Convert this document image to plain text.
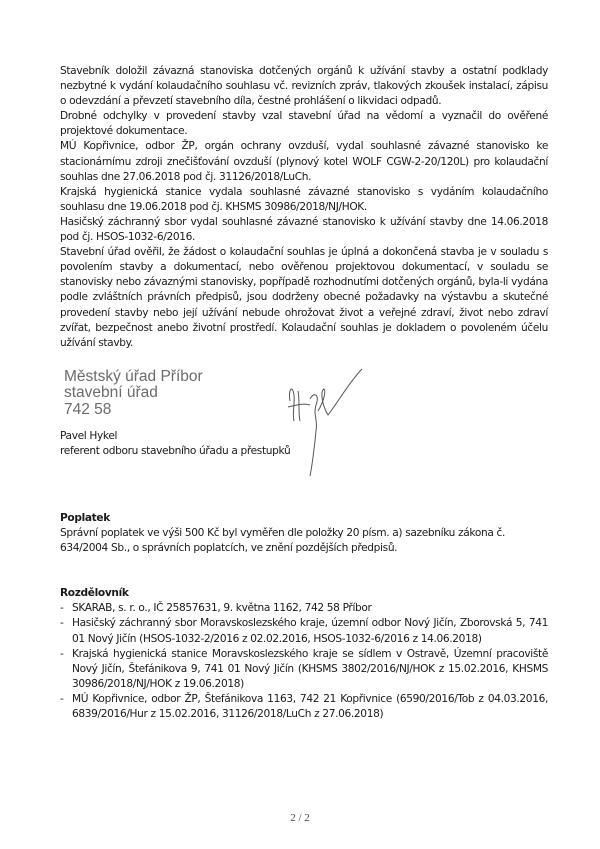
Stavebník doložil závazná stanoviska dotčených orgánů k užívání stavby a ostatní podklady nezbytné k vydání kolaudačního souhlasu vč. revizních zpráv, tlakových zkoušek instalací, zápisu o odevzdání a převzetí stavebního díla, čestné prohlášení o likvidaci odpadů.

Drobné odchylky v provedení stavby vzal stavební úřad na vědomí a vyznačil do ověřené projektové dokumentace.

MÚ Kopřivnice, odbor ŽP, orgán ochrany ovzduší, vydal souhlasné závazné stanovisko ke stacionárnímu zdroji znečišťování ovzduší (plynový kotel WOLF CGW-2-20/120L) pro kolaudační souhlas dne 27.06.2018 pod čj. 31126/2018/LuCh.

Krajská hygienická stanice vydala souhlasné závazné stanovisko s vydáním kolaudačního souhlasu dne 19.06.2018 pod čj. KHSMS 30986/2018/NJ/HOK.

Hasičský záchranný sbor vydal souhlasné závazné stanovisko k užívání stavby dne 14.06.2018 pod čj. HSOS-1032-6/2016.

Stavební úřad ověřil, že žádost o kolaudační souhlas je úplná a dokončená stavba je v souladu s povolením stavby a dokumentací, nebo ověřenou projektovou dokumentací, v souladu se stanovisky nebo závaznými stanovisky, popřípadě rozhodnutími dotčených orgánů, byla-li vydána podle zvláštních právních předpisů, jsou dodrženy obecné požadavky na výstavbu a skutečné provedení stavby nebo její užívání nebude ohrožovat život a veřejné zdraví, život nebo zdraví zvířat, bezpečnost anebo životní prostředí. Kolaudační souhlas je dokladem o povoleném účelu užívání stavby.

Městský úřad Příbor
stavební úřad
742 58
Pavel Hykel
referent odboru stavebního úřadu a přestupků

Poplatek

Správní poplatek ve výši 500 Kč byl vyměřen dle položky 20 písm. a) sazebníku zákona č. 634/2004 Sb., o správních poplatcích, ve znění pozdějších předpisů.

Rozdělovník

- SKARAB, s. r. o., IČ 25857631, 9. května 1162, 742 58 Příbor
- Hasičský záchranný sbor Moravskoslezského kraje, územní odbor Nový Jičín, Zborovská 5, 741 01 Nový Jičín (HSOS-1032-2/2016 z 02.02.2016, HSOS-1032-6/2016 z 14.06.2018)
- Krajská hygienická stanice Moravskoslezského kraje se sídlem v Ostravě, Územní pracoviště Nový Jičín, Štefánikova 9, 741 01 Nový Jičín (KHSMS 3802/2016/NJ/HOK z 15.02.2016, KHSMS 30986/2018/NJ/HOK z 19.06.2018)
- MÚ Kopřivnice, odbor ŽP, Štefánikova 1163, 742 21 Kopřivnice (6590/2016/Tob z 04.03.2016, 6839/2016/Hur z 15.02.2016, 31126/2018/LuCh z 27.06.2018)
2 / 2
